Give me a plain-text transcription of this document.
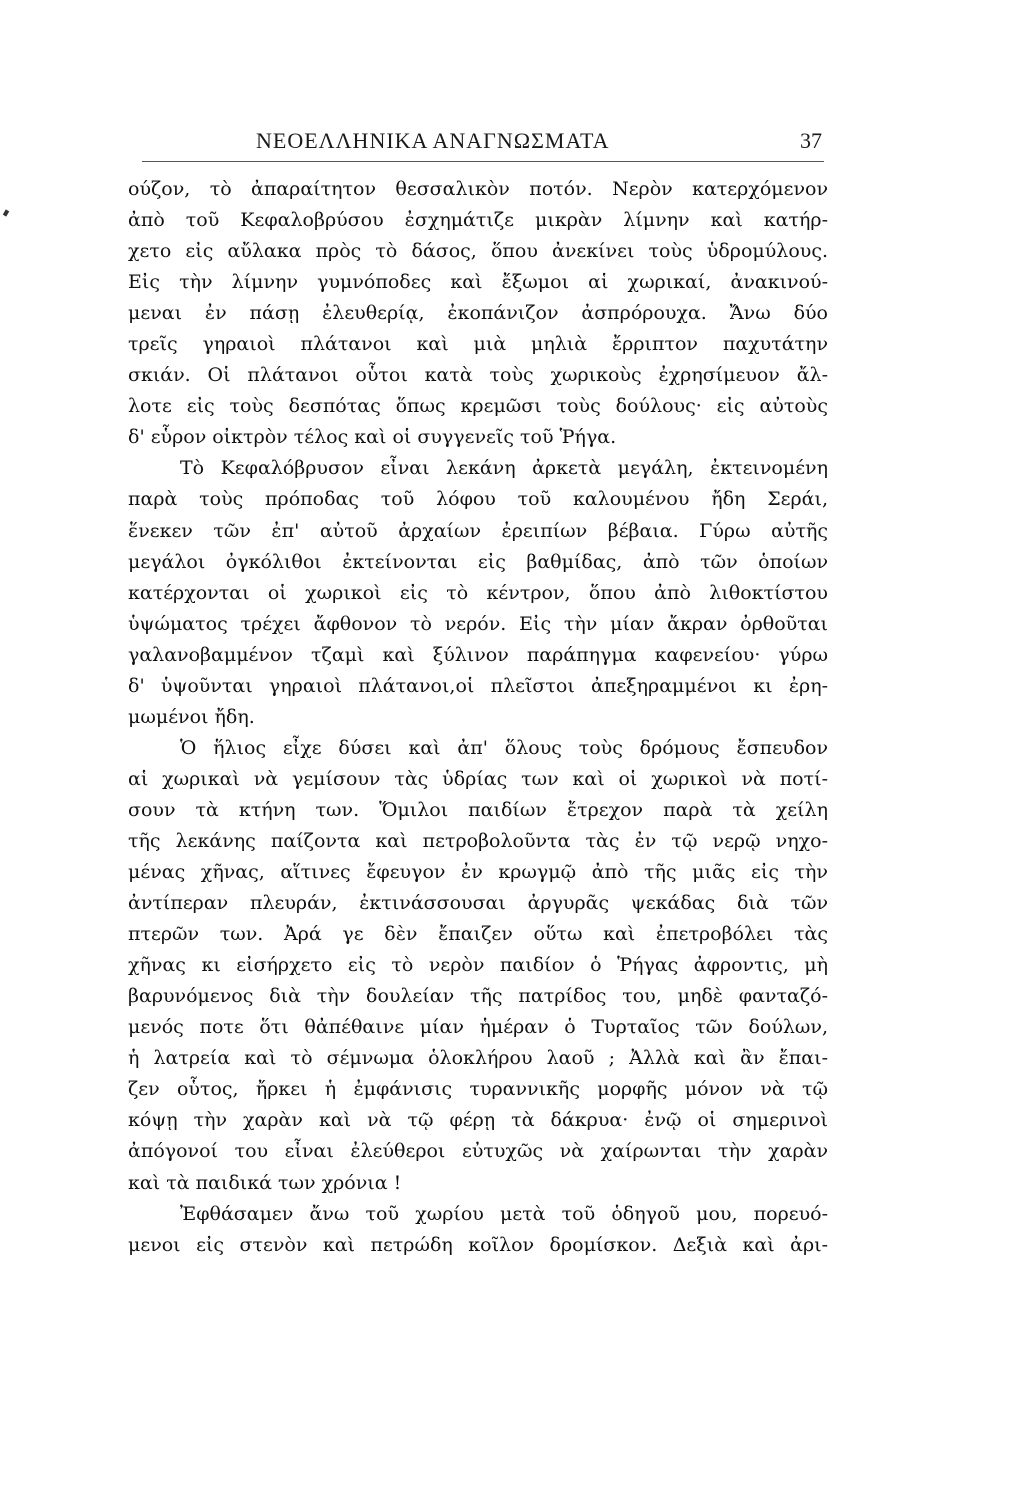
ΝΕΟΕΛΛΗΝΙΚΑ ΑΝΑΓΝΩΣΜΑΤΑ	37
ούζον, τὸ ἀπαραίτητον θεσσαλικὸν ποτόν. Νερὸν κατερχόμενον
ἀπὸ τοῦ Κεφαλοβρύσου ἐσχημάτιζε μικρὰν λίμνην καὶ κατήρ-
χετο εἰς αὔλακα πρὸς τὸ δάσος, ὅπου ἀνεκίνει τοὺς ὑδρομύλους.
Εἰς τὴν λίμνην γυμνόποδες καὶ ἔξωμοι αἱ χωρικαί, ἀνακινού-
μεναι ἐν πάσῃ ἐλευθερίᾳ, ἐκοπάνιζον ἀσπρόρουχα. Ἄνω δύο
τρεῖς γηραιοὶ πλάτανοι καὶ μιὰ μηλιὰ ἔρριπτον παχυτάτην
σκιάν. Οἱ πλάτανοι οὗτοι κατὰ τοὺς χωρικοὺς ἐχρησίμευον ἄλ-
λοτε εἰς τοὺς δεσπότας ὅπως κρεμῶσι τοὺς δούλους· εἰς αὐτοὺς
δ' εὗρον οἰκτρὸν τέλος καὶ οἱ συγγενεῖς τοῦ Ῥήγα.
Τὸ Κεφαλόβρυσον εἶναι λεκάνη ἀρκετὰ μεγάλη, ἐκτεινομένη
παρὰ τοὺς πρόποδας τοῦ λόφου τοῦ καλουμένου ἤδη Σεράι,
ἕνεκεν τῶν ἐπ' αὐτοῦ ἀρχαίων ἐρειπίων βέβαια. Γύρω αὐτῆς
μεγάλοι ὀγκόλιθοι ἐκτείνονται εἰς βαθμίδας, ἀπὸ τῶν ὁποίων
κατέρχονται οἱ χωρικοὶ εἰς τὸ κέντρον, ὅπου ἀπὸ λιθοκτίστου
ὑψώματος τρέχει ἄφθονον τὸ νερόν. Εἰς τὴν μίαν ἄκραν ὀρθοῦται
γαλανοβαμμένον τζαμὶ καὶ ξύλινον παράπηγμα καφενείου· γύρω
δ' ὑψοῦνται γηραιοὶ πλάτανοι,οἱ πλεῖστοι ἀπεξηραμμένοι κι ἐρη-
μωμένοι ἤδη.
Ὁ ἥλιος εἶχε δύσει καὶ ἀπ' ὅλους τοὺς δρόμους ἔσπευδον
αἱ χωρικαὶ νὰ γεμίσουν τὰς ὑδρίας των καὶ οἱ χωρικοὶ νὰ ποτί-
σουν τὰ κτήνη των. Ὅμιλοι παιδίων ἔτρεχον παρὰ τὰ χείλη
τῆς λεκάνης παίζοντα καὶ πετροβολοῦντα τὰς ἐν τῷ νερῷ νηχο-
μένας χῆνας, αἵτινες ἔφευγον ἐν κρωγμῷ ἀπὸ τῆς μιᾶς εἰς τὴν
ἀντίπεραν πλευράν, ἐκτινάσσουσαι ἀργυρᾶς ψεκάδας διὰ τῶν
πτερῶν των. Ἀρά γε δὲν ἔπαιζεν οὕτω καὶ ἐπετροβόλει τὰς
χῆνας κι εἰσήρχετο εἰς τὸ νερὸν παιδίον ὁ Ῥήγας ἀφροντις, μὴ
βαρυνόμενος διὰ τὴν δουλείαν τῆς πατρίδος του, μηδὲ φανταζό-
μενός ποτε ὅτι θἀπέθαινε μίαν ἡμέραν ὁ Τυρταῖος τῶν δούλων,
ἡ λατρεία καὶ τὸ σέμνωμα ὁλοκλήρου λαοῦ ; Ἀλλὰ καὶ ἂν ἔπαι-
ζεν οὗτος, ἤρκει ἡ ἐμφάνισις τυραννικῆς μορφῆς μόνον νὰ τῷ
κόψῃ τὴν χαρὰν καὶ νὰ τῷ φέρῃ τὰ δάκρυα· ἐνῷ οἱ σημερινοὶ
ἀπόγονοί του εἶναι ἐλεύθεροι εὐτυχῶς νὰ χαίρωνται τὴν χαρὰν
καὶ τὰ παιδικά των χρόνια !
Ἐφθάσαμεν ἄνω τοῦ χωρίου μετὰ τοῦ ὁδηγοῦ μου, πορευό-
μενοι εἰς στενὸν καὶ πετρώδη κοῖλον δρομίσκον. Δεξιὰ καὶ ἀρι-
